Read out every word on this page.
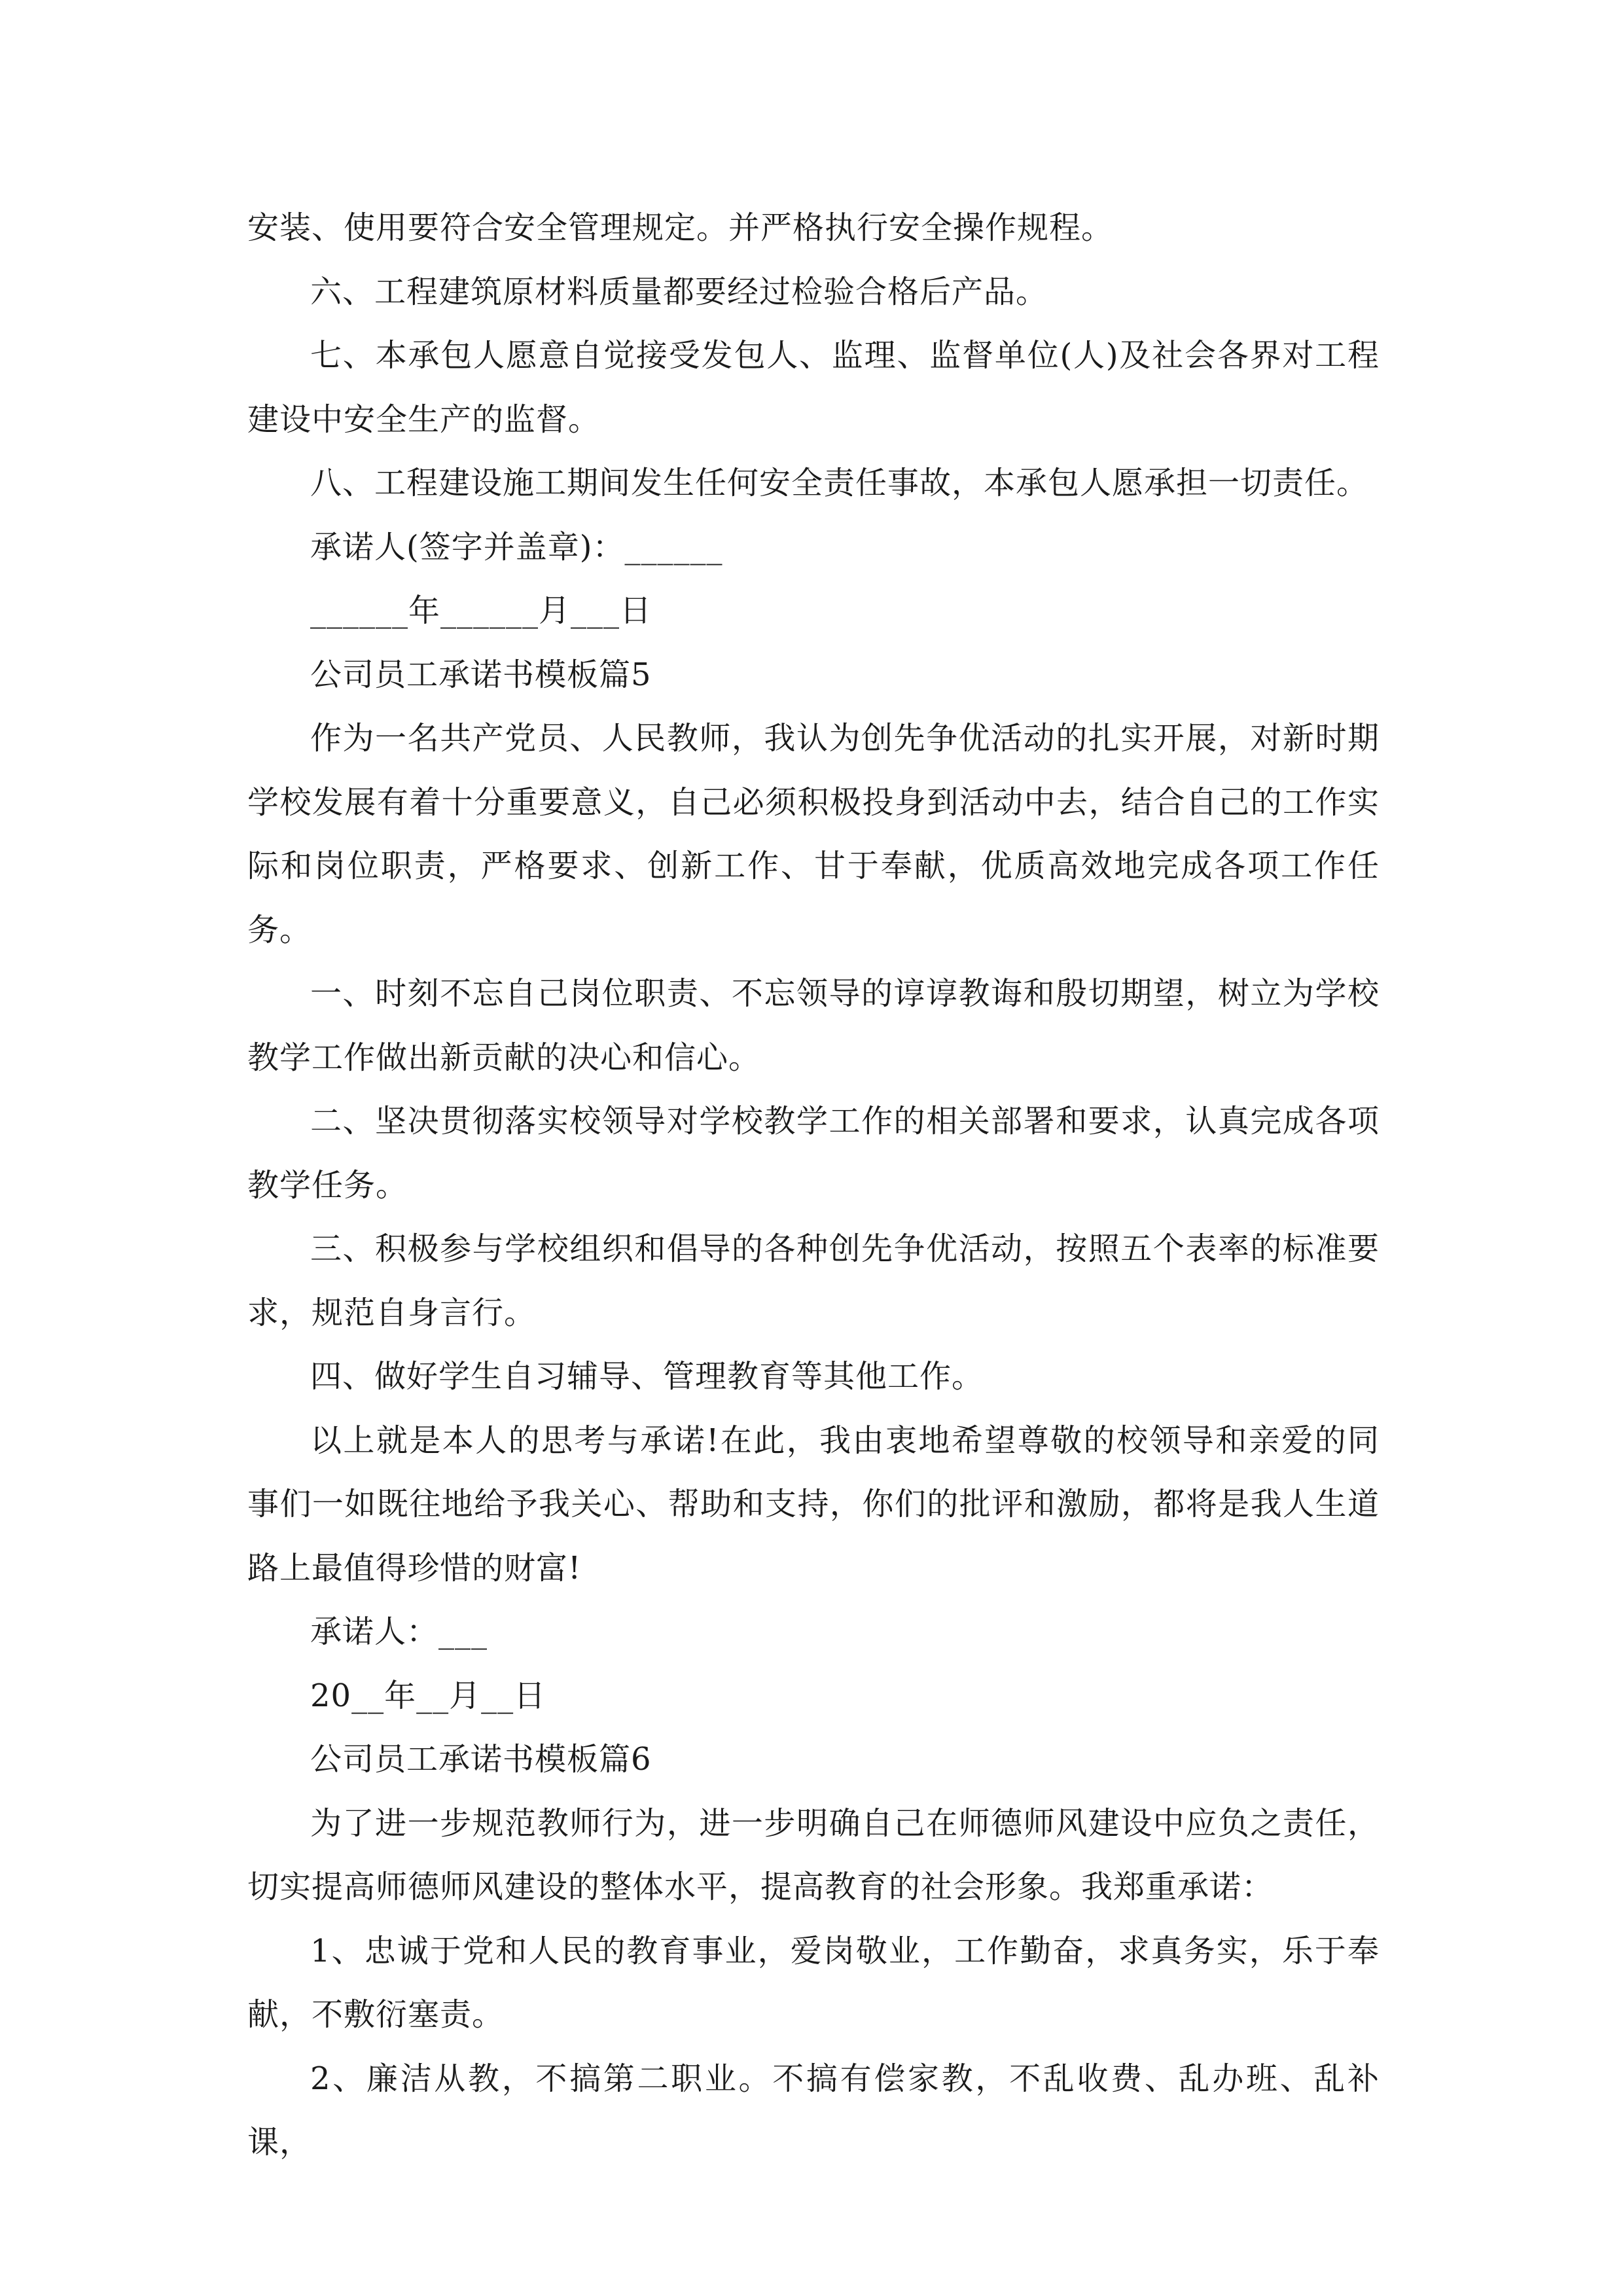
安装、使用要符合安全管理规定。并严格执行安全操作规程。

六、工程建筑原材料质量都要经过检验合格后产品。

七、本承包人愿意自觉接受发包人、监理、监督单位(人)及社会各界对工程建设中安全生产的监督。

八、工程建设施工期间发生任何安全责任事故，本承包人愿承担一切责任。

承诺人(签字并盖章)：______

______年______月___日

公司员工承诺书模板篇5

作为一名共产党员、人民教师，我认为创先争优活动的扎实开展，对新时期学校发展有着十分重要意义，自己必须积极投身到活动中去，结合自己的工作实际和岗位职责，严格要求、创新工作、甘于奉献，优质高效地完成各项工作任务。

一、时刻不忘自己岗位职责、不忘领导的谆谆教诲和殷切期望，树立为学校教学工作做出新贡献的决心和信心。

二、坚决贯彻落实校领导对学校教学工作的相关部署和要求，认真完成各项教学任务。

三、积极参与学校组织和倡导的各种创先争优活动，按照五个表率的标准要求，规范自身言行。

四、做好学生自习辅导、管理教育等其他工作。

以上就是本人的思考与承诺!在此，我由衷地希望尊敬的校领导和亲爱的同事们一如既往地给予我关心、帮助和支持，你们的批评和激励，都将是我人生道路上最值得珍惜的财富!

承诺人：___

20__年__月__日

公司员工承诺书模板篇6

为了进一步规范教师行为，进一步明确自己在师德师风建设中应负之责任，切实提高师德师风建设的整体水平，提高教育的社会形象。我郑重承诺：

1、忠诚于党和人民的教育事业，爱岗敬业，工作勤奋，求真务实，乐于奉献，不敷衍塞责。

2、廉洁从教，不搞第二职业。不搞有偿家教，不乱收费、乱办班、乱补课，
